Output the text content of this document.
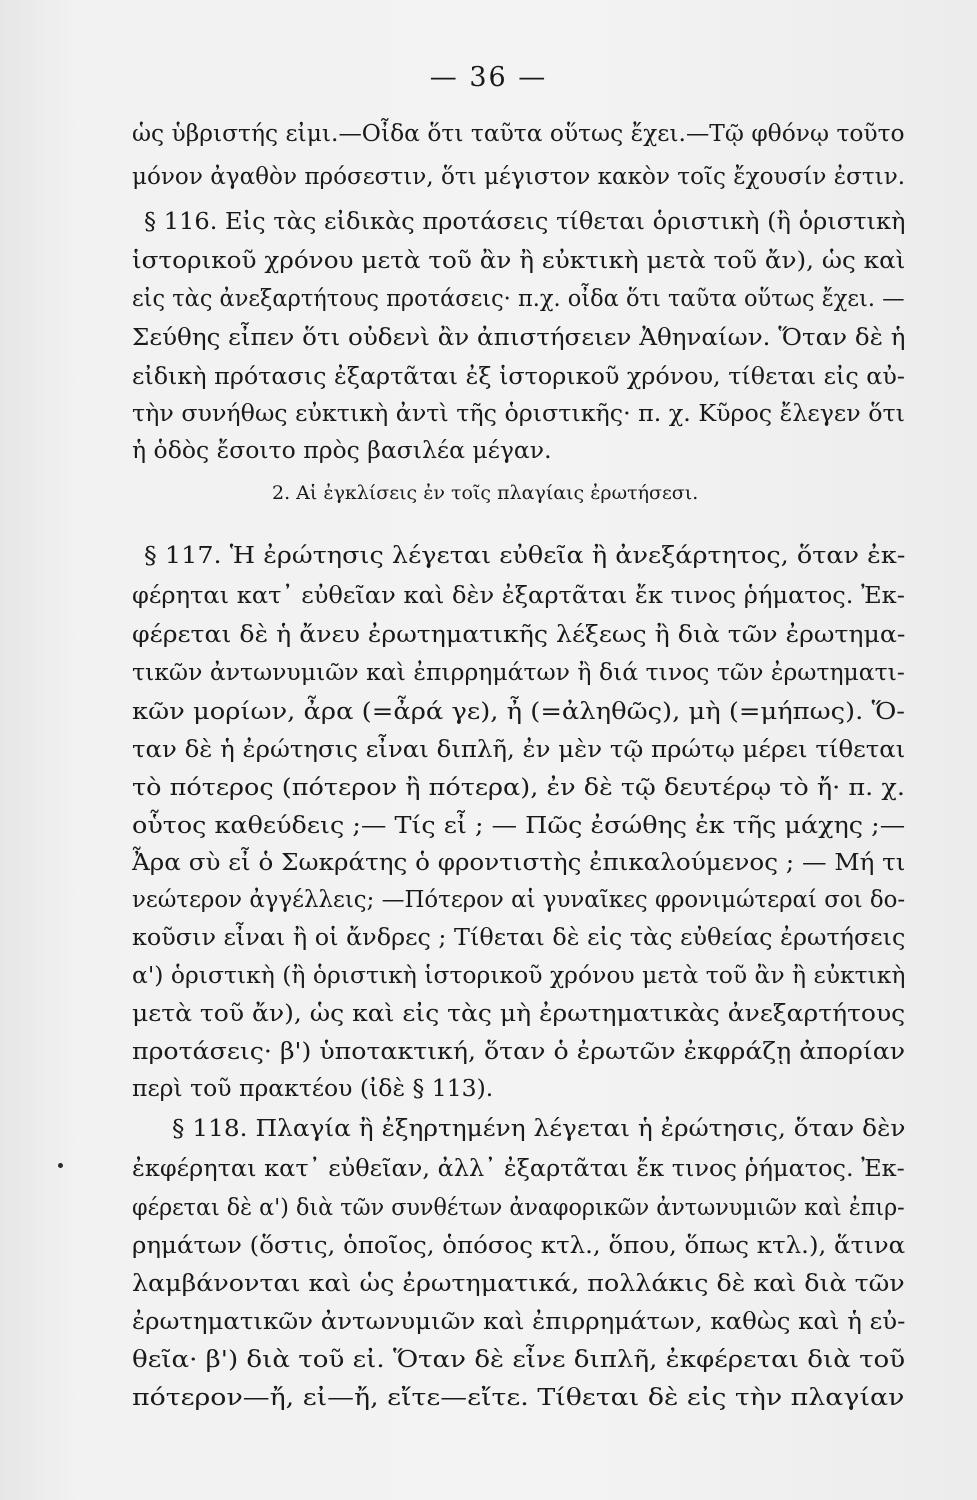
— 36 —
ὡς ὑβριστής εἰμι.—Οἶδα ὅτι ταῦτα οὕτως ἔχει.—Τῷ φθόνῳ τοῦτο
μόνον ἀγαθὸν πρόσεστιν, ὅτι μέγιστον κακὸν τοῖς ἔχουσίν ἐστιν.
§ 116. Εἰς τὰς εἰδικὰς προτάσεις τίθεται ὁριστικὴ (ἢ ὁριστικὴ
ἱστορικοῦ χρόνου μετὰ τοῦ ἂν ἢ εὐκτικὴ μετὰ τοῦ ἄν), ὡς καὶ
εἰς τὰς ἀνεξαρτήτους προτάσεις· π.χ. οἶδα ὅτι ταῦτα οὕτως ἔχει. —
Σεύθης εἶπεν ὅτι οὐδενὶ ἂν ἀπιστήσειεν Ἀθηναίων. Ὅταν δὲ ἡ
εἰδικὴ πρότασις ἐξαρτᾶται ἐξ ἱστορικοῦ χρόνου, τίθεται εἰς αὐ-
τὴν συνήθως εὐκτικὴ ἀντὶ τῆς ὁριστικῆς· π. χ. Κῦρος ἔλεγεν ὅτι
ἡ ὁδὸς ἔσοιτο πρὸς βασιλέα μέγαν.
2. Αἱ ἐγκλίσεις ἐν τοῖς πλαγίαις ἐρωτήσεσι.
§ 117. Ἡ ἐρώτησις λέγεται εὐθεῖα ἢ ἀνεξάρτητος, ὅταν ἐκ-
φέρηται κατ᾽ εὐθεῖαν καὶ δὲν ἐξαρτᾶται ἔκ τινος ῥήματος. Ἐκ-
φέρεται δὲ ἡ ἄνευ ἐρωτηματικῆς λέξεως ἢ διὰ τῶν ἐρωτημα-
τικῶν ἀντωνυμιῶν καὶ ἐπιρρημάτων ἢ διά τινος τῶν ἐρωτηματι-
κῶν μορίων, ἆρα (=ἆρά γε), ἦ (=ἀληθῶς), μὴ (=μήπως). Ὅ-
ταν δὲ ἡ ἐρώτησις εἶναι διπλῆ, ἐν μὲν τῷ πρώτῳ μέρει τίθεται
τὸ πότερος (πότερον ἢ πότερα), ἐν δὲ τῷ δευτέρῳ τὸ ἤ· π. χ.
οὗτος καθεύδεις ;— Τίς εἶ ; — Πῶς ἐσώθης ἐκ τῆς μάχης ;—
Ἆρα σὺ εἶ ὁ Σωκράτης ὁ φροντιστὴς ἐπικαλούμενος ; — Μή τι
νεώτερον ἀγγέλλεις; —Πότερον αἱ γυναῖκες φρονιμώτεραί σοι δο-
κοῦσιν εἶναι ἢ οἱ ἄνδρες ; Τίθεται δὲ εἰς τὰς εὐθείας ἐρωτήσεις
α') ὁριστικὴ (ἢ ὁριστικὴ ἱστορικοῦ χρόνου μετὰ τοῦ ἂν ἢ εὐκτικὴ
μετὰ τοῦ ἄν), ὡς καὶ εἰς τὰς μὴ ἐρωτηματικὰς ἀνεξαρτήτους
προτάσεις· β') ὑποτακτική, ὅταν ὁ ἐρωτῶν ἐκφράζῃ ἀπορίαν
περὶ τοῦ πρακτέου (ἰδὲ § 113).
§ 118. Πλαγία ἢ ἐξηρτημένη λέγεται ἡ ἐρώτησις, ὅταν δὲν
ἐκφέρηται κατ᾽ εὐθεῖαν, ἀλλ᾽ ἐξαρτᾶται ἔκ τινος ῥήματος. Ἐκ-
φέρεται δὲ α') διὰ τῶν συνθέτων ἀναφορικῶν ἀντωνυμιῶν καὶ ἐπιρ-
ρημάτων (ὅστις, ὁποῖος, ὁπόσος κτλ., ὅπου, ὅπως κτλ.), ἅτινα
λαμβάνονται καὶ ὡς ἐρωτηματικά, πολλάκις δὲ καὶ διὰ τῶν
ἐρωτηματικῶν ἀντωνυμιῶν καὶ ἐπιρρημάτων, καθὼς καὶ ἡ εὐ-
θεῖα· β') διὰ τοῦ εἰ. Ὅταν δὲ εἶνε διπλῆ, ἐκφέρεται διὰ τοῦ
πότερον—ἤ, εἰ—ἤ, εἴτε—εἴτε. Τίθεται δὲ εἰς τὴν πλαγίαν
